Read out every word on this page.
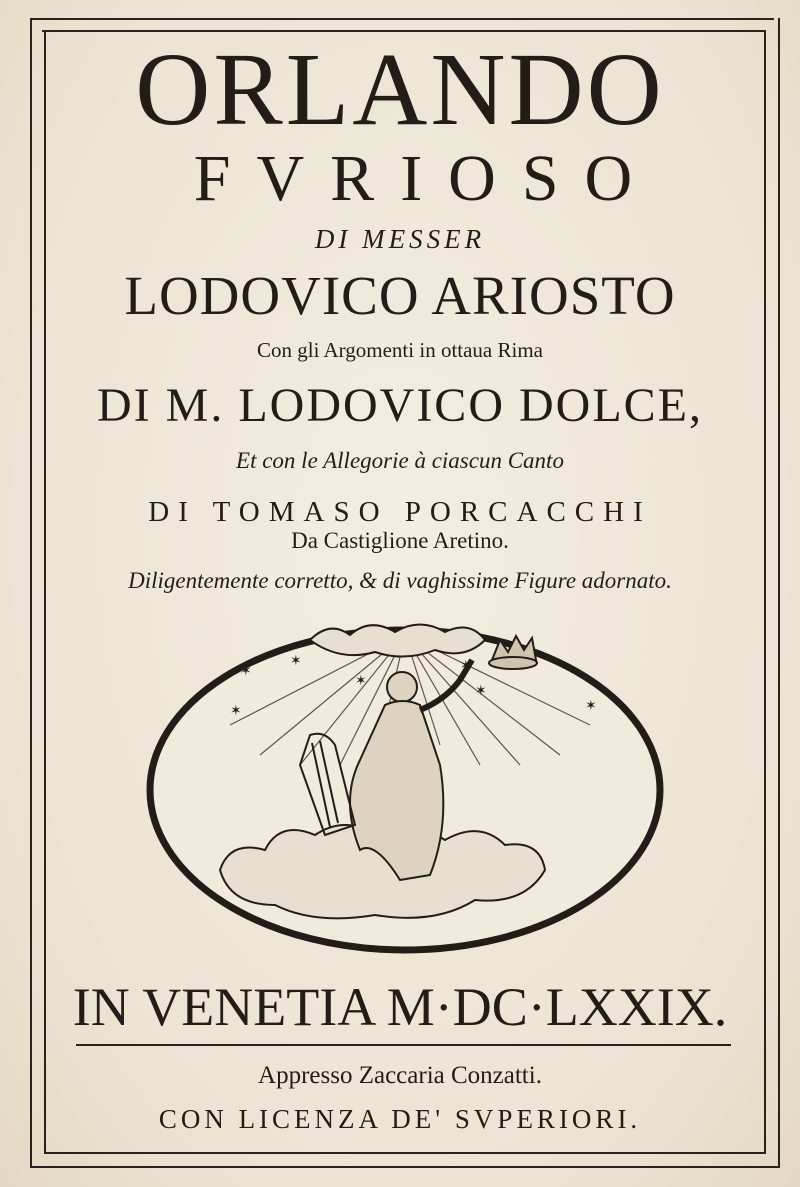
ORLANDO
FVRIOSO
DI MESSER
LODOVICO ARIOSTO
Con gli Argomenti in ottaua Rima
DI M. LODOVICO DOLCE,
Et con le Allegorie à ciascun Canto
DI TOMASO PORCACCHI
Da Castiglione Aretino.
Diligentemente corretto, & di vaghissime Figure adornato.
✶
✶
✶
✶
✶
✶
✶
IN VENETIA M·DC·LXXIX.
Appresso Zaccaria Conzatti.
CON LICENZA DE' SVPERIORI.
